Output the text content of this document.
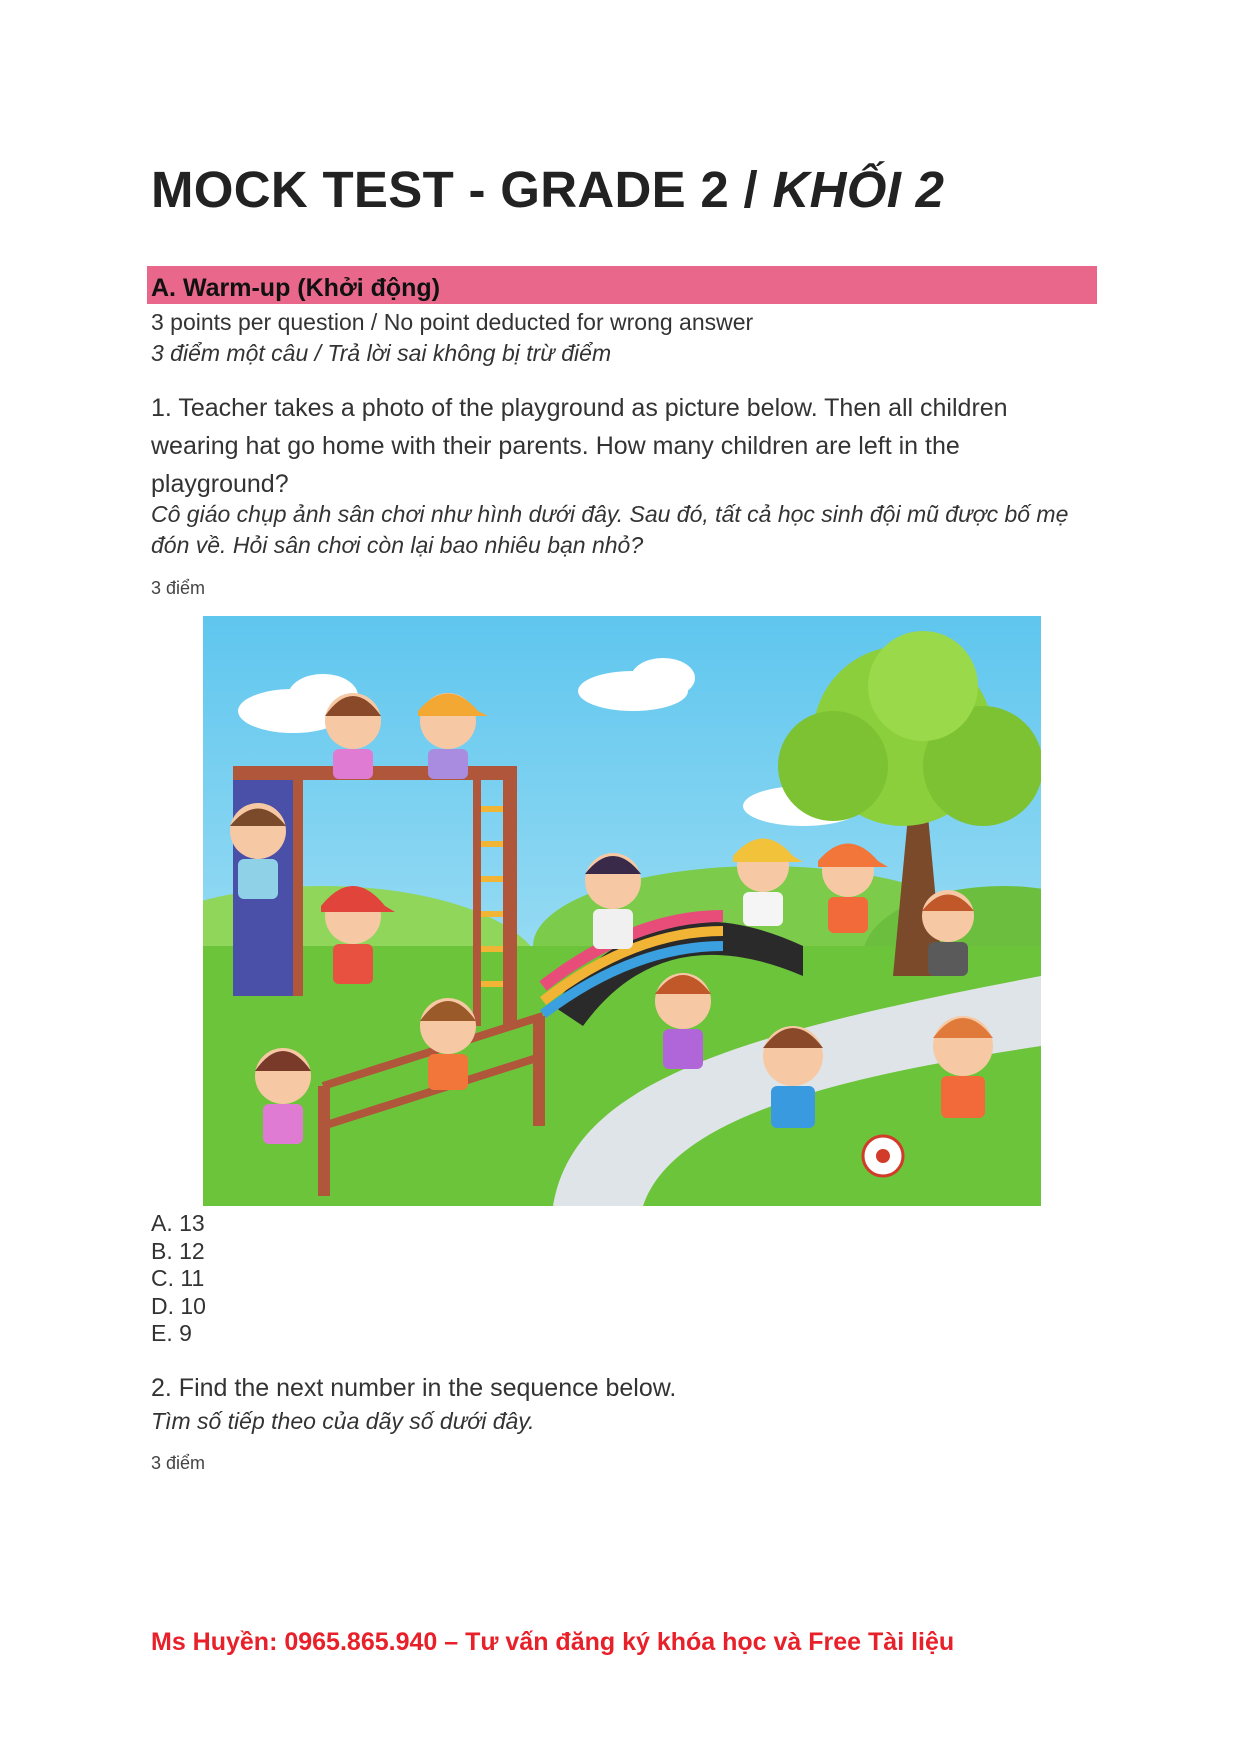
MOCK TEST - GRADE 2 / KHỐI 2
A. Warm-up (Khởi động)
3 points per question / No point deducted for wrong answer
3 điểm một câu / Trả lời sai không bị trừ điểm

1. Teacher takes a photo of the playground as picture below. Then all children wearing hat go home with their parents. How many children are left in the playground?

Cô giáo chụp ảnh sân chơi như hình dưới đây. Sau đó, tất cả học sinh đội mũ được bố mẹ đón về. Hỏi sân chơi còn lại bao nhiêu bạn nhỏ?

3 điểm
A. 13
B. 12
C. 11
D. 10
E. 9
2. Find the next number in the sequence below.
Tìm số tiếp theo của dãy số dưới đây.
3 điểm
Ms Huyền: 0965.865.940 – Tư vấn đăng ký khóa học và Free Tài liệu
